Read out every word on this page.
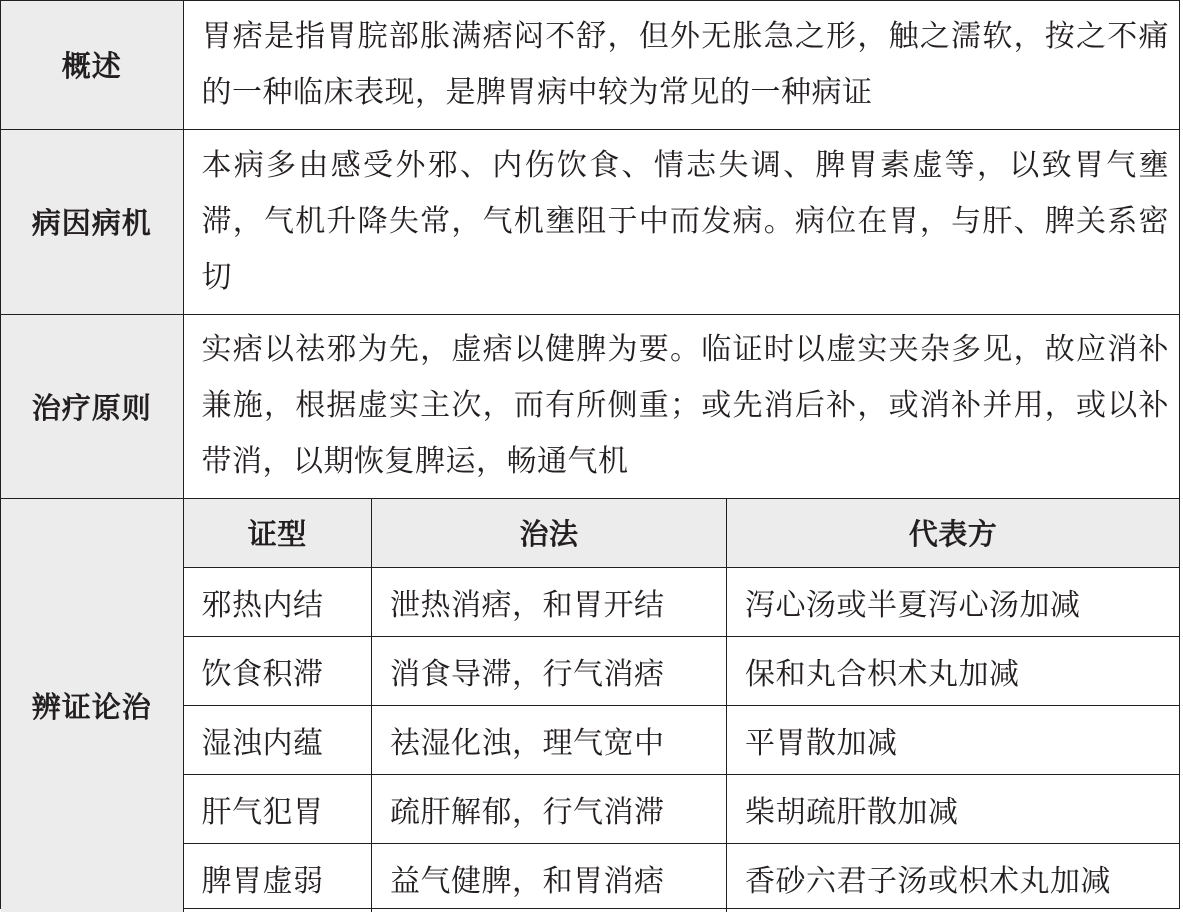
概述	胃痞是指胃脘部胀满痞闷不舒，但外无胀急之形，触之濡软，按之不痛的一种临床表现，是脾胃病中较为常见的一种病证
病因病机	本病多由感受外邪、内伤饮食、情志失调、脾胃素虚等，以致胃气壅滞，气机升降失常，气机壅阻于中而发病。病位在胃，与肝、脾关系密切
治疗原则	实痞以祛邪为先，虚痞以健脾为要。临证时以虚实夹杂多见，故应消补兼施，根据虚实主次，而有所侧重；或先消后补，或消补并用，或以补带消，以期恢复脾运，畅通气机
辨证论治	
证型	治法	代表方
邪热内结	泄热消痞，和胃开结	泻心汤或半夏泻心汤加减
饮食积滞	消食导滞，行气消痞	保和丸合枳术丸加减
湿浊内蕴	祛湿化浊，理气宽中	平胃散加减
肝气犯胃	疏肝解郁，行气消滞	柴胡疏肝散加减
脾胃虚弱	益气健脾，和胃消痞	香砂六君子汤或枳术丸加减
